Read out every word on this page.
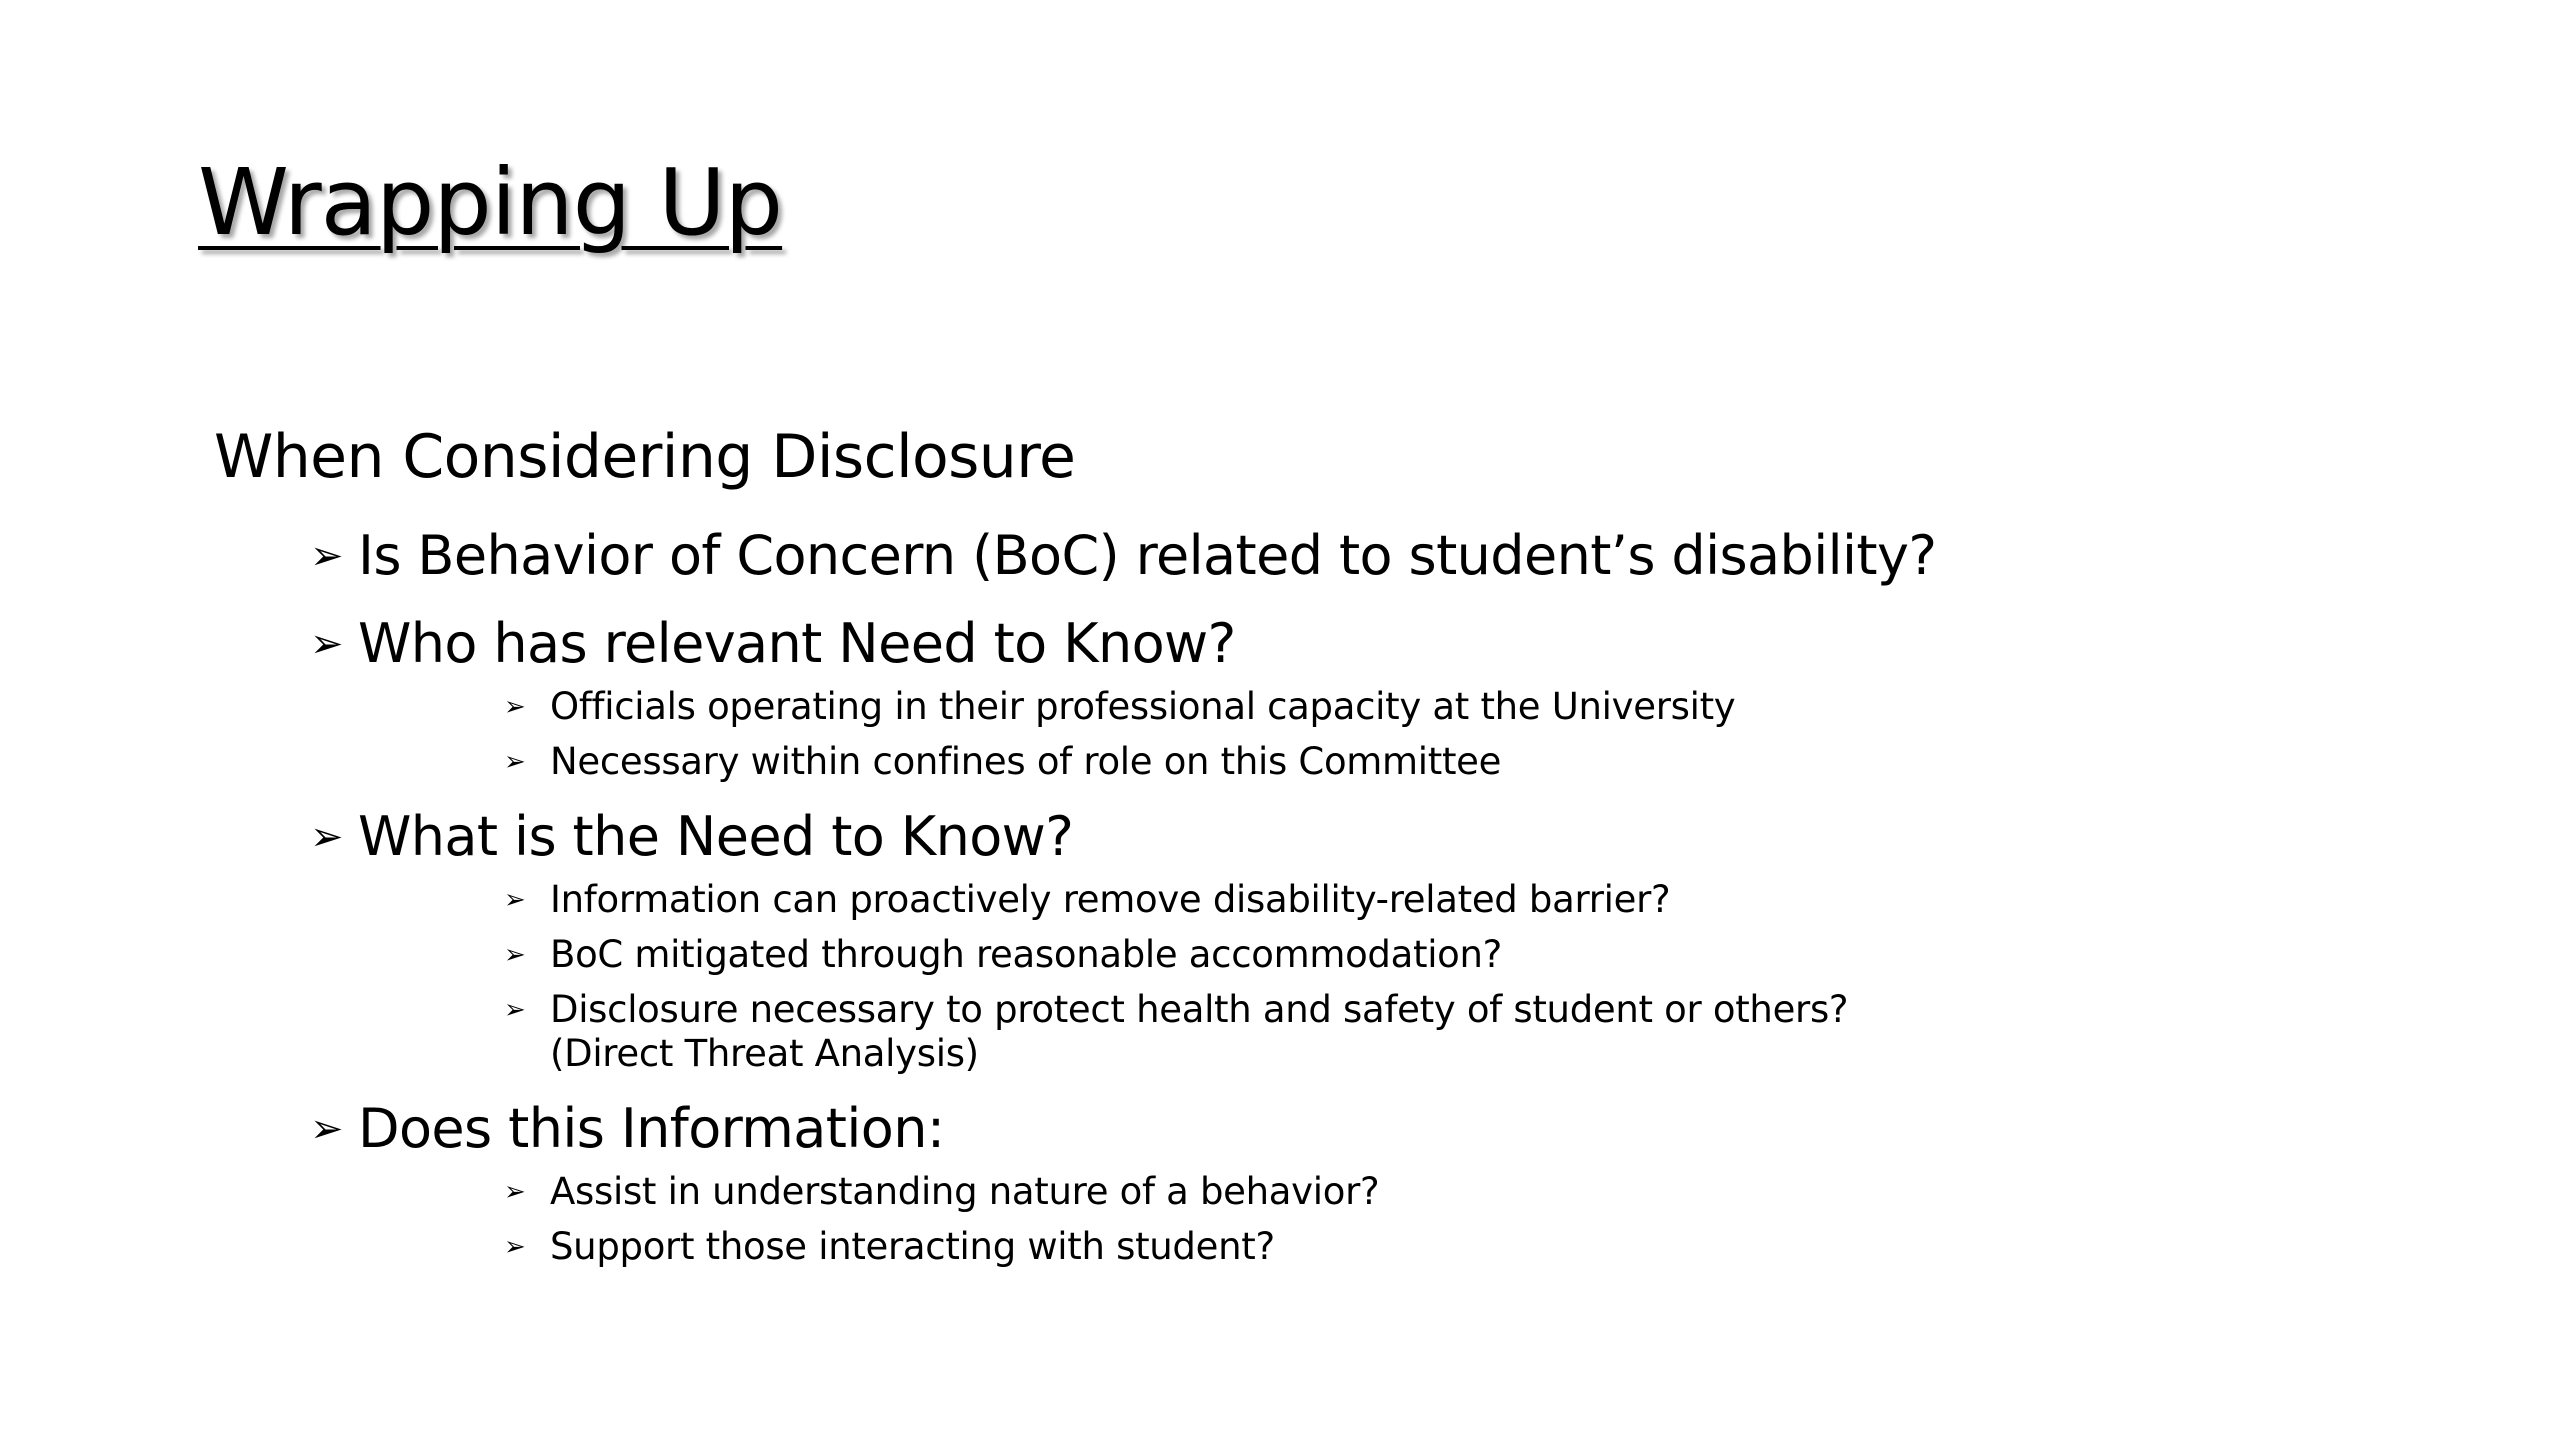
Wrapping Up
When Considering Disclosure
➢ Is Behavior of Concern (BoC) related to student’s disability?
➢ Who has relevant Need to Know?
➢ Officials operating in their professional capacity at the University
➢ Necessary within confines of role on this Committee
➢ What is the Need to Know?
➢ Information can proactively remove disability-related barrier?
➢ BoC mitigated through reasonable accommodation?
➢ Disclosure necessary to protect health and safety of student or others?
(Direct Threat Analysis)
➢ Does this Information:
➢ Assist in understanding nature of a behavior?
➢ Support those interacting with student?
